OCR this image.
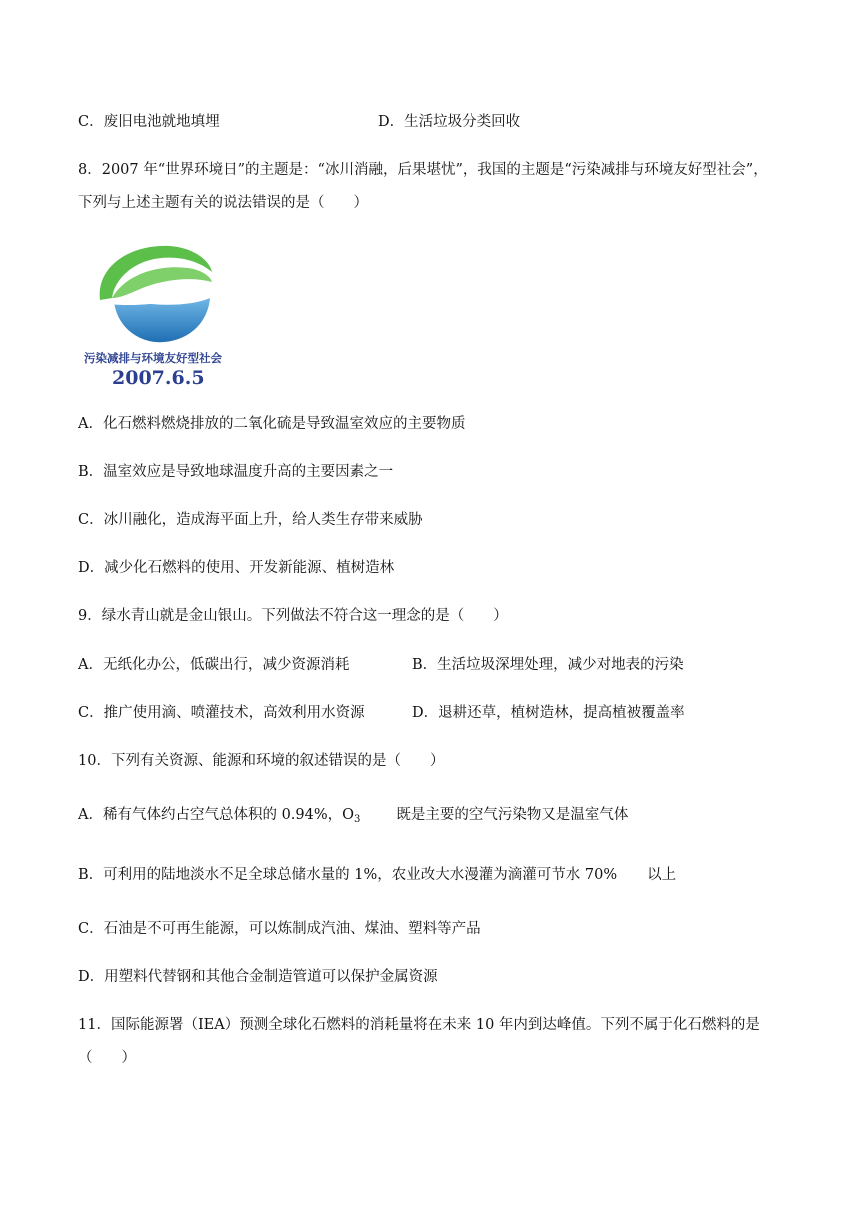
C．废旧电池就地填埋	D．生活垃圾分类回收
8．2007 年“世界环境日”的主题是：“冰川消融，后果堪忧”，我国的主题是“污染减排与环境友好型社会”，
下列与上述主题有关的说法错误的是（　　）
污染减排与环境友好型社会
2007.6.5
A．化石燃料燃烧排放的二氧化硫是导致温室效应的主要物质
B．温室效应是导致地球温度升高的主要因素之一
C．冰川融化，造成海平面上升，给人类生存带来威胁
D．减少化石燃料的使用、开发新能源、植树造林
9．绿水青山就是金山银山。下列做法不符合这一理念的是（　　）
A．无纸化办公，低碳出行，减少资源消耗	B．生活垃圾深埋处理，减少对地表的污染
C．推广使用滴、喷灌技术，高效利用水资源	D．退耕还草，植树造林，提高植被覆盖率
10．下列有关资源、能源和环境的叙述错误的是（　　）
A．稀有气体约占空气总体积的 0.94%，$O_3$ 既是主要的空气污染物又是温室气体
B．可利用的陆地淡水不足全球总储水量的 1%，农业改大水漫灌为滴灌可节水 70% 以上
C．石油是不可再生能源，可以炼制成汽油、煤油、塑料等产品
D．用塑料代替钢和其他合金制造管道可以保护金属资源
11．国际能源署（IEA）预测全球化石燃料的消耗量将在未来 10 年内到达峰值。下列不属于化石燃料的是
（　　）
